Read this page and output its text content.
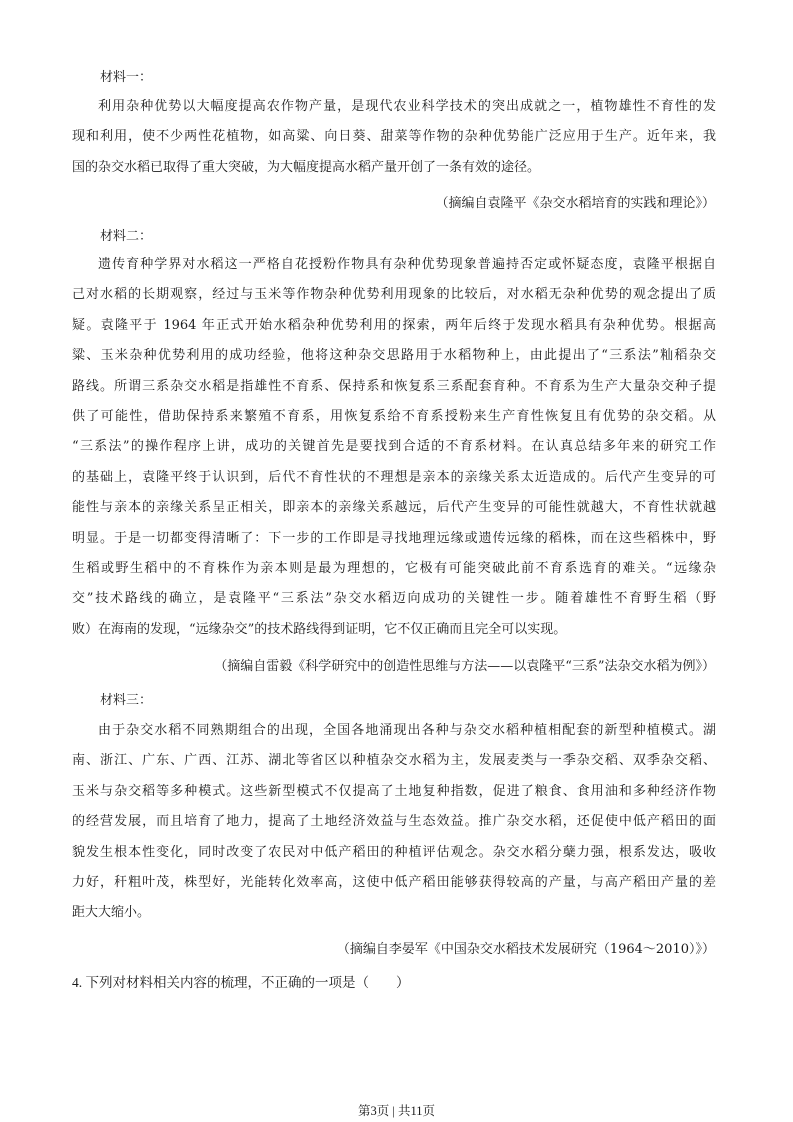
材料一：
利用杂种优势以大幅度提高农作物产量，是现代农业科学技术的突出成就之一，植物雄性不育性的发
现和利用，使不少两性花植物，如高粱、向日葵、甜菜等作物的杂种优势能广泛应用于生产。近年来，我
国的杂交水稻已取得了重大突破，为大幅度提高水稻产量开创了一条有效的途径。
（摘编自袁隆平《杂交水稻培育的实践和理论》）
材料二：
遗传育种学界对水稻这一严格自花授粉作物具有杂种优势现象普遍持否定或怀疑态度，袁隆平根据自
己对水稻的长期观察，经过与玉米等作物杂种优势利用现象的比较后，对水稻无杂种优势的观念提出了质
疑。袁隆平于 1964 年正式开始水稻杂种优势利用的探索，两年后终于发现水稻具有杂种优势。根据高
粱、玉米杂种优势利用的成功经验，他将这种杂交思路用于水稻物种上，由此提出了“三系法”籼稻杂交
路线。所谓三系杂交水稻是指雄性不育系、保持系和恢复系三系配套育种。不育系为生产大量杂交种子提
供了可能性，借助保持系来繁殖不育系，用恢复系给不育系授粉来生产育性恢复且有优势的杂交稻。从
“三系法”的操作程序上讲，成功的关键首先是要找到合适的不育系材料。在认真总结多年来的研究工作
的基础上，袁隆平终于认识到，后代不育性状的不理想是亲本的亲缘关系太近造成的。后代产生变异的可
能性与亲本的亲缘关系呈正相关，即亲本的亲缘关系越远，后代产生变异的可能性就越大，不育性状就越
明显。于是一切都变得清晰了：下一步的工作即是寻找地理远缘或遗传远缘的稻株，而在这些稻株中，野
生稻或野生稻中的不育株作为亲本则是最为理想的，它极有可能突破此前不育系选育的难关。“远缘杂
交”技术路线的确立，是袁隆平“三系法”杂交水稻迈向成功的关键性一步。随着雄性不育野生稻（野
败）在海南的发现，“远缘杂交”的技术路线得到证明，它不仅正确而且完全可以实现。
（摘编自雷毅《科学研究中的创造性思维与方法——以袁隆平“三系”法杂交水稻为例》）
材料三：
由于杂交水稻不同熟期组合的出现，全国各地涌现出各种与杂交水稻种植相配套的新型种植模式。湖
南、浙江、广东、广西、江苏、湖北等省区以种植杂交水稻为主，发展麦类与一季杂交稻、双季杂交稻、
玉米与杂交稻等多种模式。这些新型模式不仅提高了土地复种指数，促进了粮食、食用油和多种经济作物
的经营发展，而且培育了地力，提高了土地经济效益与生态效益。推广杂交水稻，还促使中低产稻田的面
貌发生根本性变化，同时改变了农民对中低产稻田的种植评估观念。杂交水稻分蘖力强，根系发达，吸收
力好，秆粗叶茂，株型好，光能转化效率高，这使中低产稻田能够获得较高的产量，与高产稻田产量的差
距大大缩小。
（摘编自李晏军《中国杂交水稻技术发展研究（1964～2010）》）
4. 下列对材料相关内容的梳理，不正确的一项是（　　）
第3页 | 共11页
